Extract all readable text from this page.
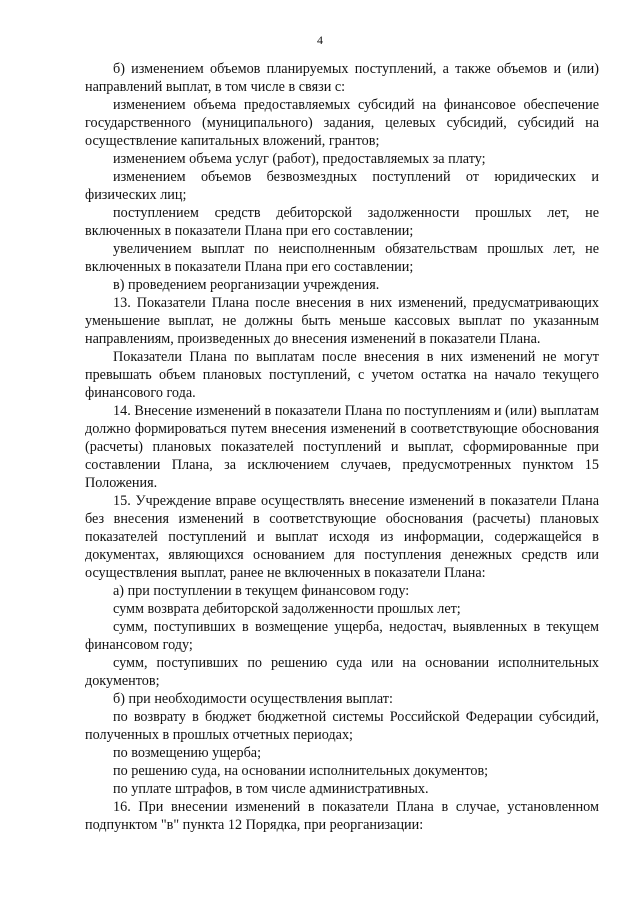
4

б) изменением объемов планируемых поступлений, а также объемов и (или) направлений выплат, в том числе в связи с:

изменением объема предоставляемых субсидий на финансовое обеспечение государственного (муниципального) задания, целевых субсидий, субсидий на осуществление капитальных вложений, грантов;

изменением объема услуг (работ), предоставляемых за плату;

изменением объемов безвозмездных поступлений от юридических и физических лиц;

поступлением средств дебиторской задолженности прошлых лет, не включенных в показатели Плана при его составлении;

увеличением выплат по неисполненным обязательствам прошлых лет, не включенных в показатели Плана при его составлении;

в) проведением реорганизации учреждения.

13. Показатели Плана после внесения в них изменений, предусматривающих уменьшение выплат, не должны быть меньше кассовых выплат по указанным направлениям, произведенных до внесения изменений в показатели Плана.

Показатели Плана по выплатам после внесения в них изменений не могут превышать объем плановых поступлений, с учетом остатка на начало текущего финансового года.

14. Внесение изменений в показатели Плана по поступлениям и (или) выплатам должно формироваться путем внесения изменений в соответствующие обоснования (расчеты) плановых показателей поступлений и выплат, сформированные при составлении Плана, за исключением случаев, предусмотренных пунктом 15 Положения.

15. Учреждение вправе осуществлять внесение изменений в показатели Плана без внесения изменений в соответствующие обоснования (расчеты) плановых показателей поступлений и выплат исходя из информации, содержащейся в документах, являющихся основанием для поступления денежных средств или осуществления выплат, ранее не включенных в показатели Плана:

а) при поступлении в текущем финансовом году:

сумм возврата дебиторской задолженности прошлых лет;

сумм, поступивших в возмещение ущерба, недостач, выявленных в текущем финансовом году;

сумм, поступивших по решению суда или на основании исполнительных документов;

б) при необходимости осуществления выплат:

по возврату в бюджет бюджетной системы Российской Федерации субсидий, полученных в прошлых отчетных периодах;

по возмещению ущерба;

по решению суда, на основании исполнительных документов;

по уплате штрафов, в том числе административных.

16. При внесении изменений в показатели Плана в случае, установленном подпунктом "в" пункта 12 Порядка, при реорганизации:
